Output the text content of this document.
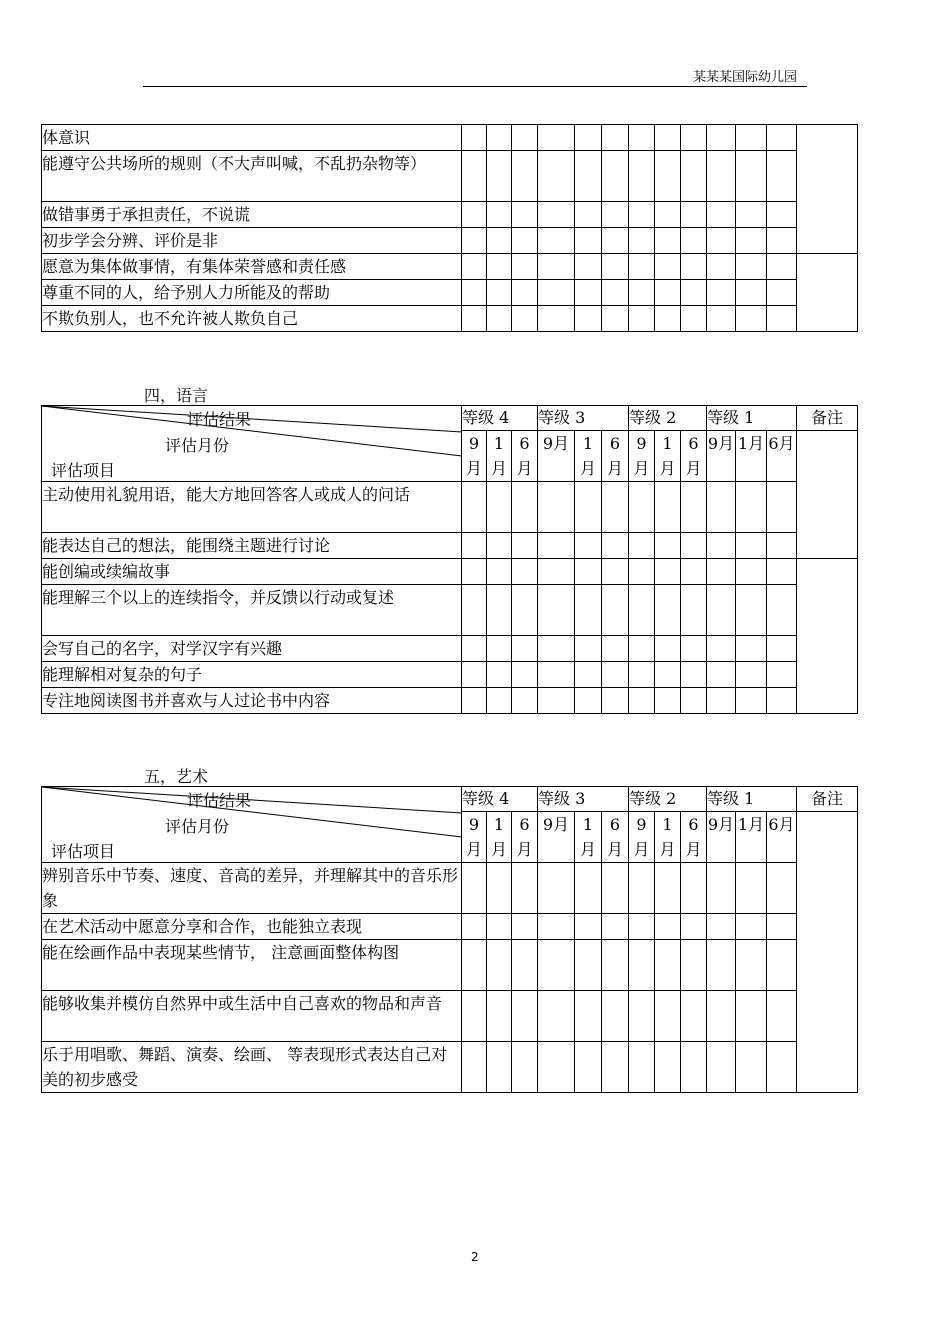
某某某国际幼儿园
体意识													
能遵守公共场所的规则（不大声叫喊，不乱扔杂物等）													
做错事勇于承担责任，不说谎													
初步学会分辨、评价是非													
愿意为集体做事情，有集体荣誉感和责任感													
尊重不同的人，给予别人力所能及的帮助													
不欺负别人，也不允许被人欺负自己													
四，语言
评估结果
评估月份
评估项目	等级 4			等级 3			等级 2			等级 1			备注
	9月	1月	6月	9月	1月	6月	9月	1月	6月	9月	1月	6月	
主动使用礼貌用语，能大方地回答客人或成人的问话													
能表达自己的想法，能围绕主题进行讨论													
能创编或续编故事													
能理解三个以上的连续指令，并反馈以行动或复述													
会写自己的名字，对学汉字有兴趣													
能理解相对复杂的句子													
专注地阅读图书并喜欢与人过论书中内容													
五，艺术
评估结果
评估月份
评估项目	等级 4			等级 3			等级 2			等级 1			备注
	9月	1月	6月	9月	1月	6月	9月	1月	6月	9月	1月	6月	
辨别音乐中节奏、速度、音高的差异，并理解其中的音乐形象													
在艺术活动中愿意分享和合作，也能独立表现													
能在绘画作品中表现某些情节， 注意画面整体构图													
能够收集并模仿自然界中或生活中自己喜欢的物品和声音													
乐于用唱歌、舞蹈、演奏、绘画、 等表现形式表达自己对美的初步感受													
2
